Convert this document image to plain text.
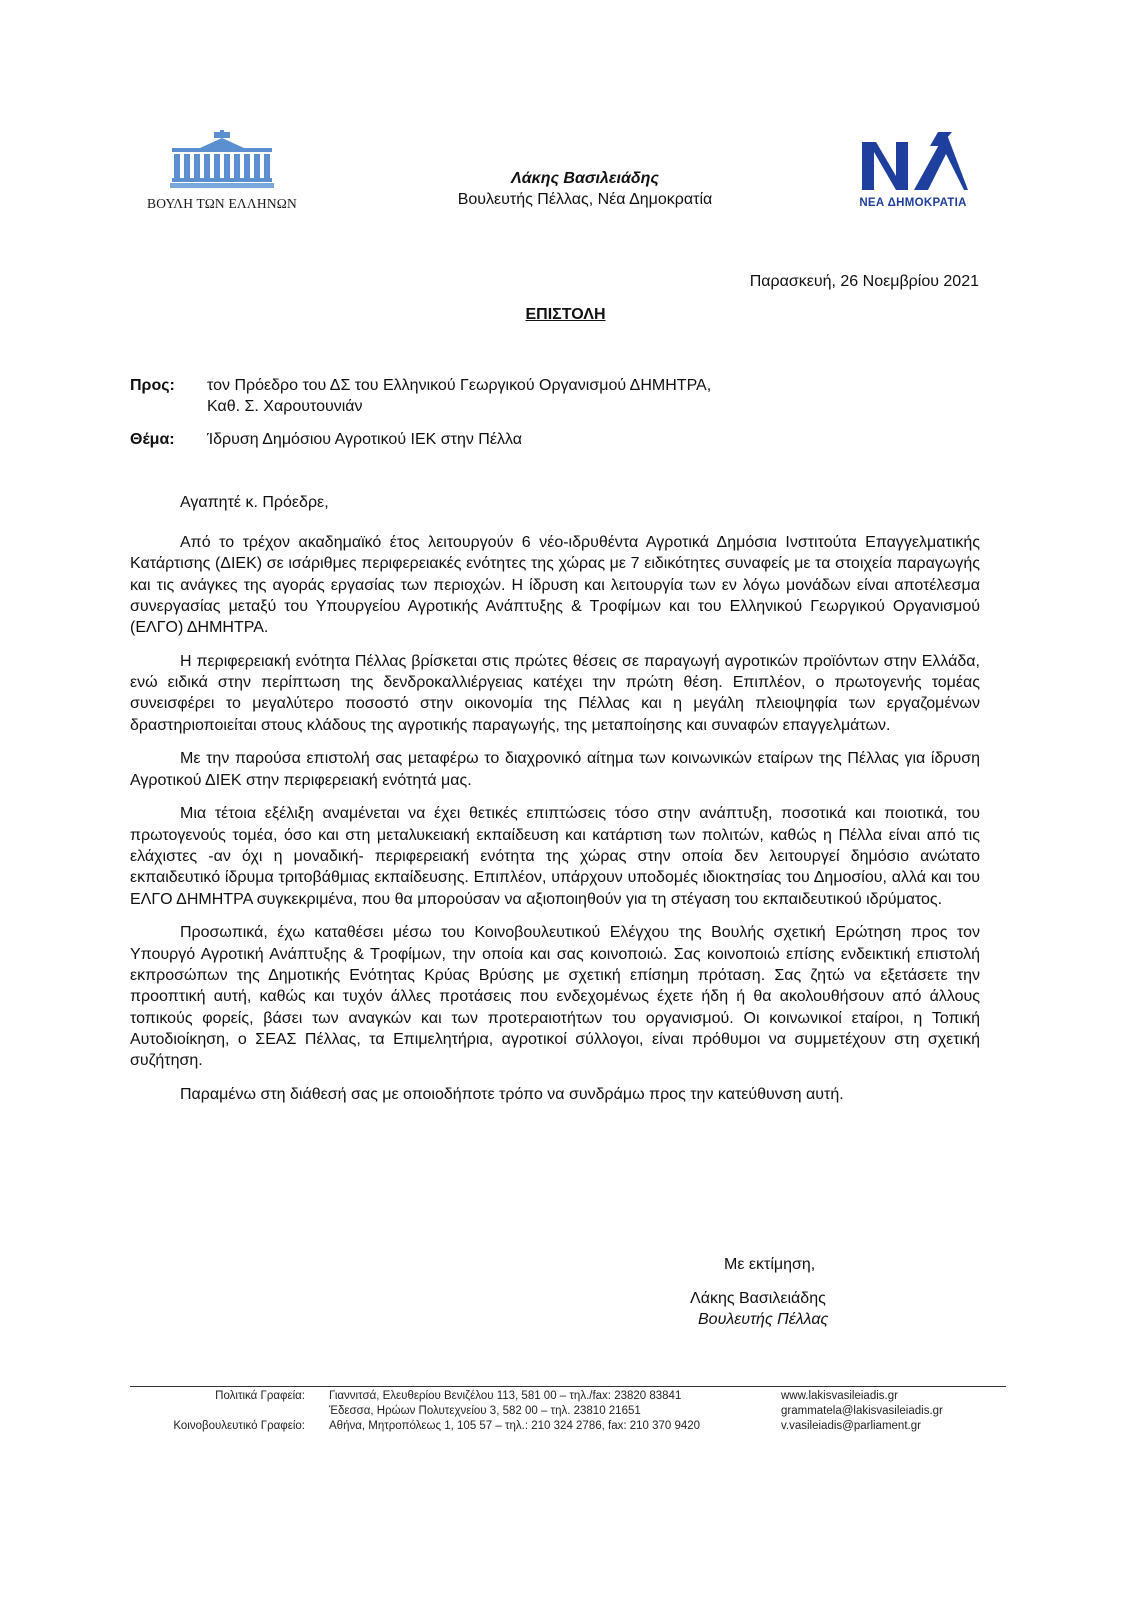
ΒΟΥΛΗ ΤΩΝ ΕΛΛΗΝΩΝ
Λάκης Βασιλειάδης
Βουλευτής Πέλλας, Νέα Δημοκρατία	ΝΕΑ ΔΗΜΟΚΡΑΤΙΑ
Παρασκευή, 26 Νοεμβρίου 2021
ΕΠΙΣΤΟΛΗ
Προς: τον Πρόεδρο του ΔΣ του Ελληνικού Γεωργικού Οργανισμού ΔΗΜΗΤΡΑ,
Καθ. Σ. Χαρουτουνιάν
Θέμα: Ίδρυση Δημόσιου Αγροτικού ΙΕΚ στην Πέλλα
Αγαπητέ κ. Πρόεδρε,

Από το τρέχον ακαδημαϊκό έτος λειτουργούν 6 νέο-ιδρυθέντα Αγροτικά Δημόσια Ινστιτούτα Επαγγελματικής Κατάρτισης (ΔΙΕΚ) σε ισάριθμες περιφερειακές ενότητες της χώρας με 7 ειδικότητες συναφείς με τα στοιχεία παραγωγής και τις ανάγκες της αγοράς εργασίας των περιοχών. Η ίδρυση και λειτουργία των εν λόγω μονάδων είναι αποτέλεσμα συνεργασίας μεταξύ του Υπουργείου Αγροτικής Ανάπτυξης & Τροφίμων και του Ελληνικού Γεωργικού Οργανισμού (ΕΛΓΟ) ΔΗΜΗΤΡΑ.

Η περιφερειακή ενότητα Πέλλας βρίσκεται στις πρώτες θέσεις σε παραγωγή αγροτικών προϊόντων στην Ελλάδα, ενώ ειδικά στην περίπτωση της δενδροκαλλιέργειας κατέχει την πρώτη θέση. Επιπλέον, ο πρωτογενής τομέας συνεισφέρει το μεγαλύτερο ποσοστό στην οικονομία της Πέλλας και η μεγάλη πλειοψηφία των εργαζομένων δραστηριοποιείται στους κλάδους της αγροτικής παραγωγής, της μεταποίησης και συναφών επαγγελμάτων.

Με την παρούσα επιστολή σας μεταφέρω το διαχρονικό αίτημα των κοινωνικών εταίρων της Πέλλας για ίδρυση Αγροτικού ΔΙΕΚ στην περιφερειακή ενότητά μας.

Μια τέτοια εξέλιξη αναμένεται να έχει θετικές επιπτώσεις τόσο στην ανάπτυξη, ποσοτικά και ποιοτικά, του πρωτογενούς τομέα, όσο και στη μεταλυκειακή εκπαίδευση και κατάρτιση των πολιτών, καθώς η Πέλλα είναι από τις ελάχιστες -αν όχι η μοναδική- περιφερειακή ενότητα της χώρας στην οποία δεν λειτουργεί δημόσιο ανώτατο εκπαιδευτικό ίδρυμα τριτοβάθμιας εκπαίδευσης. Επιπλέον, υπάρχουν υποδομές ιδιοκτησίας του Δημοσίου, αλλά και του ΕΛΓΟ ΔΗΜΗΤΡΑ συγκεκριμένα, που θα μπορούσαν να αξιοποιηθούν για τη στέγαση του εκπαιδευτικού ιδρύματος.

Προσωπικά, έχω καταθέσει μέσω του Κοινοβουλευτικού Ελέγχου της Βουλής σχετική Ερώτηση προς τον Υπουργό Αγροτική Ανάπτυξης & Τροφίμων, την οποία και σας κοινοποιώ. Σας κοινοποιώ επίσης ενδεικτική επιστολή εκπροσώπων της Δημοτικής Ενότητας Κρύας Βρύσης με σχετική επίσημη πρόταση. Σας ζητώ να εξετάσετε την προοπτική αυτή, καθώς και τυχόν άλλες προτάσεις που ενδεχομένως έχετε ήδη ή θα ακολουθήσουν από άλλους τοπικούς φορείς, βάσει των αναγκών και των προτεραιοτήτων του οργανισμού. Οι κοινωνικοί εταίροι, η Τοπική Αυτοδιοίκηση, ο ΣΕΑΣ Πέλλας, τα Επιμελητήρια, αγροτικοί σύλλογοι, είναι πρόθυμοι να συμμετέχουν στη σχετική συζήτηση.

Παραμένω στη διάθεσή σας με οποιοδήποτε τρόπο να συνδράμω προς την κατεύθυνση αυτή.

Με εκτίμηση,
Λάκης Βασιλειάδης
Βουλευτής Πέλλας
Πολιτικά Γραφεία:
Κοινοβουλευτικό Γραφείο:
Γιαννιτσά, Ελευθερίου Βενιζέλου 113, 581 00 – τηλ./fax: 23820 83841
Έδεσσα, Ηρώων Πολυτεχνείου 3, 582 00 – τηλ. 23810 21651
Αθήνα, Μητροπόλεως 1, 105 57 – τηλ.: 210 324 2786, fax: 210 370 9420
www.lakisvasileiadis.gr
grammatela@lakisvasileiadis.gr
v.vasileiadis@parliament.gr
